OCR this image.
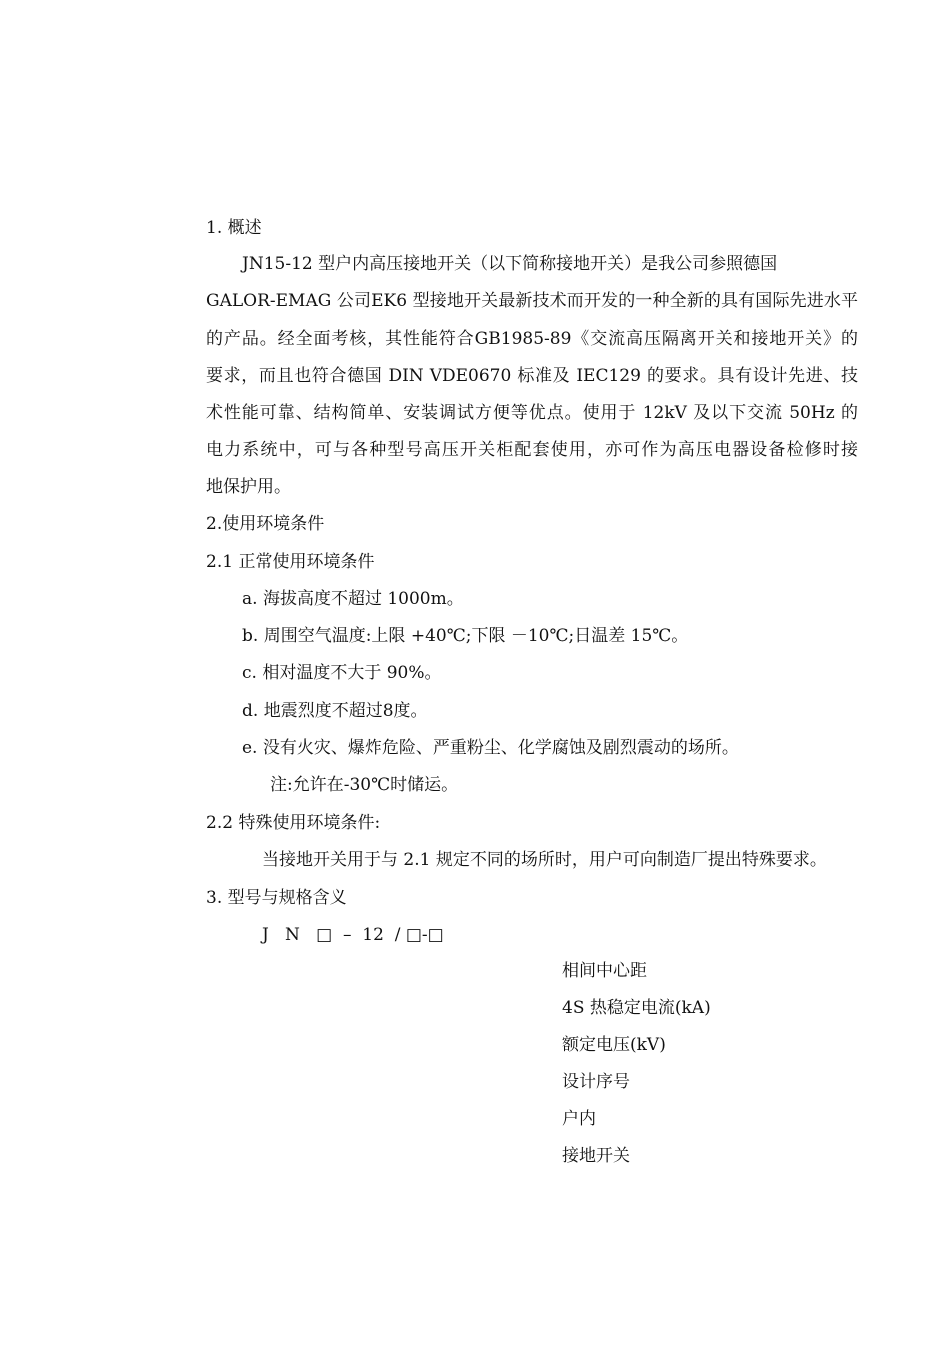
1. 概述
JN15-12 型户内高压接地开关（以下简称接地开关）是我公司参照德国
GALOR-EMAG 公司EK6 型接地开关最新技术而开发的一种全新的具有国际先进水平
的产品。经全面考核，其性能符合GB1985-89《交流高压隔离开关和接地开关》的
要求，而且也符合德国 DIN VDE0670 标准及 IEC129 的要求。具有设计先进、技
术性能可靠、结构简单、安装调试方便等优点。使用于 12kV 及以下交流 50Hz 的
电力系统中，可与各种型号高压开关柜配套使用，亦可作为高压电器设备检修时接
地保护用。
2.使用环境条件
2.1 正常使用环境条件
a. 海拔高度不超过 1000m。
b. 周围空气温度:上限 +40℃;下限 －10℃;日温差 15℃。
c. 相对温度不大于 90%。
d. 地震烈度不超过8度。
e. 没有火灾、爆炸危险、严重粉尘、化学腐蚀及剧烈震动的场所。
注:允许在-30℃时储运。
2.2 特殊使用环境条件:
当接地开关用于与 2.1 规定不同的场所时，用户可向制造厂提出特殊要求。
3. 型号与规格含义
J   N   □  –  12  / □-□
相间中心距
4S 热稳定电流(kA)
额定电压(kV)
设计序号
户内
接地开关
